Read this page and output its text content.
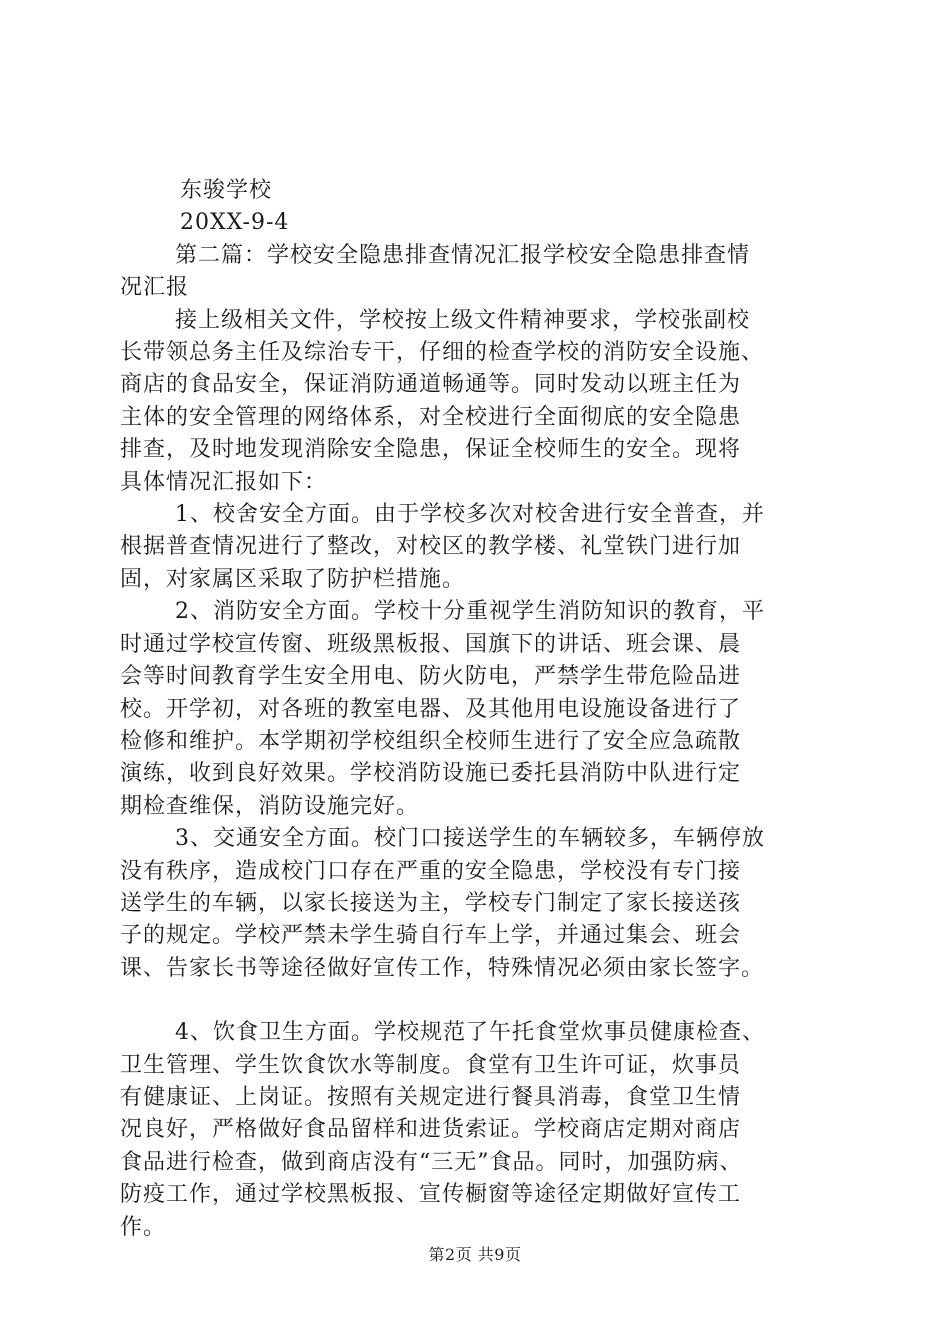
东骏学校
20XX-9-4
第二篇：学校安全隐患排查情况汇报学校安全隐患排查情
况汇报
接上级相关文件，学校按上级文件精神要求，学校张副校
长带领总务主任及综治专干，仔细的检查学校的消防安全设施、
商店的食品安全，保证消防通道畅通等。同时发动以班主任为
主体的安全管理的网络体系，对全校进行全面彻底的安全隐患
排查，及时地发现消除安全隐患，保证全校师生的安全。现将
具体情况汇报如下：
1、校舍安全方面。由于学校多次对校舍进行安全普查，并
根据普查情况进行了整改，对校区的教学楼、礼堂铁门进行加
固，对家属区采取了防护栏措施。
2、消防安全方面。学校十分重视学生消防知识的教育，平
时通过学校宣传窗、班级黑板报、国旗下的讲话、班会课、晨
会等时间教育学生安全用电、防火防电，严禁学生带危险品进
校。开学初，对各班的教室电器、及其他用电设施设备进行了
检修和维护。本学期初学校组织全校师生进行了安全应急疏散
演练，收到良好效果。学校消防设施已委托县消防中队进行定
期检查维保，消防设施完好。
3、交通安全方面。校门口接送学生的车辆较多，车辆停放
没有秩序，造成校门口存在严重的安全隐患，学校没有专门接
送学生的车辆，以家长接送为主，学校专门制定了家长接送孩
子的规定。学校严禁未学生骑自行车上学，并通过集会、班会
课、告家长书等途径做好宣传工作，特殊情况必须由家长签字。
4、饮食卫生方面。学校规范了午托食堂炊事员健康检查、
卫生管理、学生饮食饮水等制度。食堂有卫生许可证，炊事员
有健康证、上岗证。按照有关规定进行餐具消毒，食堂卫生情
况良好，严格做好食品留样和进货索证。学校商店定期对商店
食品进行检查，做到商店没有“三无”食品。同时，加强防病、
防疫工作，通过学校黑板报、宣传橱窗等途径定期做好宣传工
作。
第2页 共9页
